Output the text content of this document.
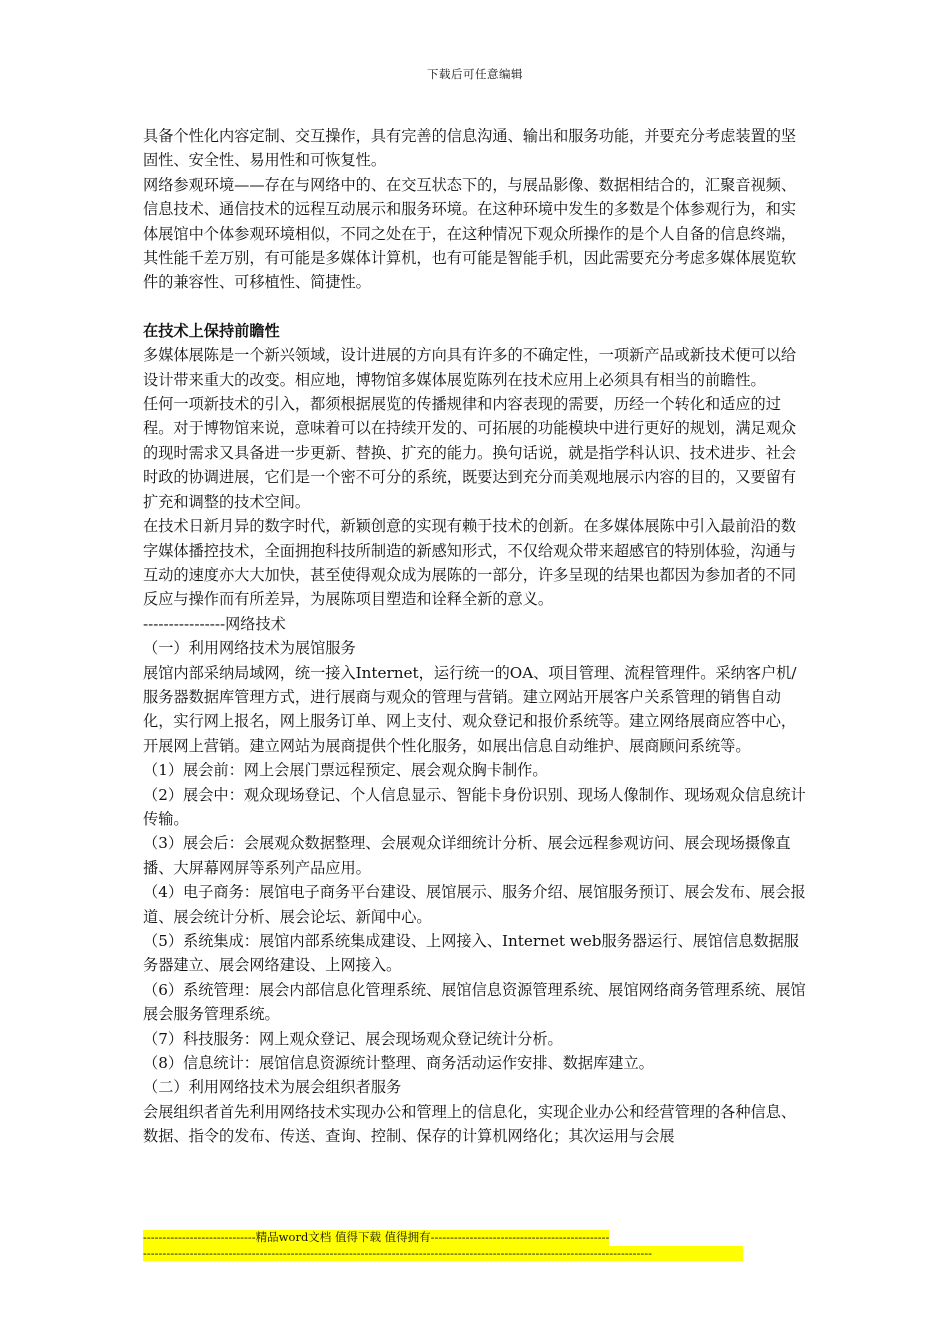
下载后可任意编辑

具备个性化内容定制、交互操作，具有完善的信息沟通、输出和服务功能，并要充分考虑装置的坚固性、安全性、易用性和可恢复性。

网络参观环境——存在与网络中的、在交互状态下的，与展品影像、数据相结合的，汇聚音视频、信息技术、通信技术的远程互动展示和服务环境。在这种环境中发生的多数是个体参观行为，和实体展馆中个体参观环境相似，不同之处在于，在这种情况下观众所操作的是个人自备的信息终端，其性能千差万别，有可能是多媒体计算机，也有可能是智能手机，因此需要充分考虑多媒体展览软件的兼容性、可移植性、简捷性。

在技术上保持前瞻性

多媒体展陈是一个新兴领域，设计进展的方向具有许多的不确定性，一项新产品或新技术便可以给设计带来重大的改变。相应地，博物馆多媒体展览陈列在技术应用上必须具有相当的前瞻性。

任何一项新技术的引入，都须根据展览的传播规律和内容表现的需要，历经一个转化和适应的过程。对于博物馆来说，意味着可以在持续开发的、可拓展的功能模块中进行更好的规划，满足观众的现时需求又具备进一步更新、替换、扩充的能力。换句话说，就是指学科认识、技术进步、社会时政的协调进展，它们是一个密不可分的系统，既要达到充分而美观地展示内容的目的，又要留有扩充和调整的技术空间。

在技术日新月异的数字时代，新颖创意的实现有赖于技术的创新。在多媒体展陈中引入最前沿的数字媒体播控技术，全面拥抱科技所制造的新感知形式，不仅给观众带来超感官的特别体验，沟通与互动的速度亦大大加快，甚至使得观众成为展陈的一部分，许多呈现的结果也都因为参加者的不同反应与操作而有所差异，为展陈项目塑造和诠释全新的意义。

----------------网络技术

（一）利用网络技术为展馆服务

展馆内部采纳局域网，统一接入Internet，运行统一的OA、项目管理、流程管理件。采纳客户机/服务器数据库管理方式，进行展商与观众的管理与营销。建立网站开展客户关系管理的销售自动化，实行网上报名，网上服务订单、网上支付、观众登记和报价系统等。建立网络展商应答中心，开展网上营销。建立网站为展商提供个性化服务，如展出信息自动维护、展商顾问系统等。

（1）展会前：网上会展门票远程预定、展会观众胸卡制作。

（2）展会中：观众现场登记、个人信息显示、智能卡身份识别、现场人像制作、现场观众信息统计传输。

（3）展会后：会展观众数据整理、会展观众详细统计分析、展会远程参观访问、展会现场摄像直播、大屏幕网屏等系列产品应用。

（4）电子商务：展馆电子商务平台建设、展馆展示、服务介绍、展馆服务预订、展会发布、展会报道、展会统计分析、展会论坛、新闻中心。

（5）系统集成：展馆内部系统集成建设、上网接入、Internet web服务器运行、展馆信息数据服务器建立、展会网络建设、上网接入。

（6）系统管理：展会内部信息化管理系统、展馆信息资源管理系统、展馆网络商务管理系统、展馆展会服务管理系统。

（7）科技服务：网上观众登记、展会现场观众登记统计分析。

（8）信息统计：展馆信息资源统计整理、商务活动运作安排、数据库建立。

（二）利用网络技术为展会组织者服务

会展组织者首先利用网络技术实现办公和管理上的信息化，实现企业办公和经营管理的各种信息、数据、指令的发布、传送、查询、控制、保存的计算机网络化；其次运用与会展

-----------------------------精品word文档 值得下载 值得拥有----------------------------------------------
-----------------------------------------------------------------------------------------------------------------------------------
